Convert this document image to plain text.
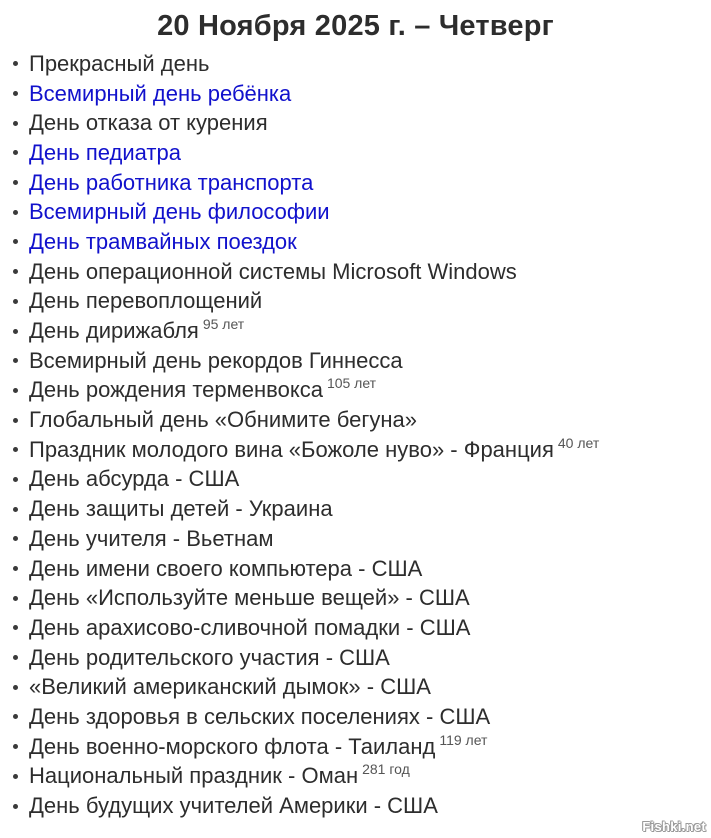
20 Ноября 2025 г. – Четверг
Прекрасный день
Всемирный день ребёнка
День отказа от курения
День педиатра
День работника транспорта
Всемирный день философии
День трамвайных поездок
День операционной системы Microsoft Windows
День перевоплощений
День дирижабля 95 лет
Всемирный день рекордов Гиннесса
День рождения терменвокса 105 лет
Глобальный день «Обнимите бегуна»
Праздник молодого вина «Божоле нуво» - Франция 40 лет
День абсурда - США
День защиты детей - Украина
День учителя - Вьетнам
День имени своего компьютера - США
День «Используйте меньше вещей» - США
День арахисово-сливочной помадки - США
День родительского участия - США
«Великий американский дымок» - США
День здоровья в сельских поселениях - США
День военно-морского флота - Таиланд 119 лет
Национальный праздник - Оман 281 год
День будущих учителей Америки - США
Fishki.net
